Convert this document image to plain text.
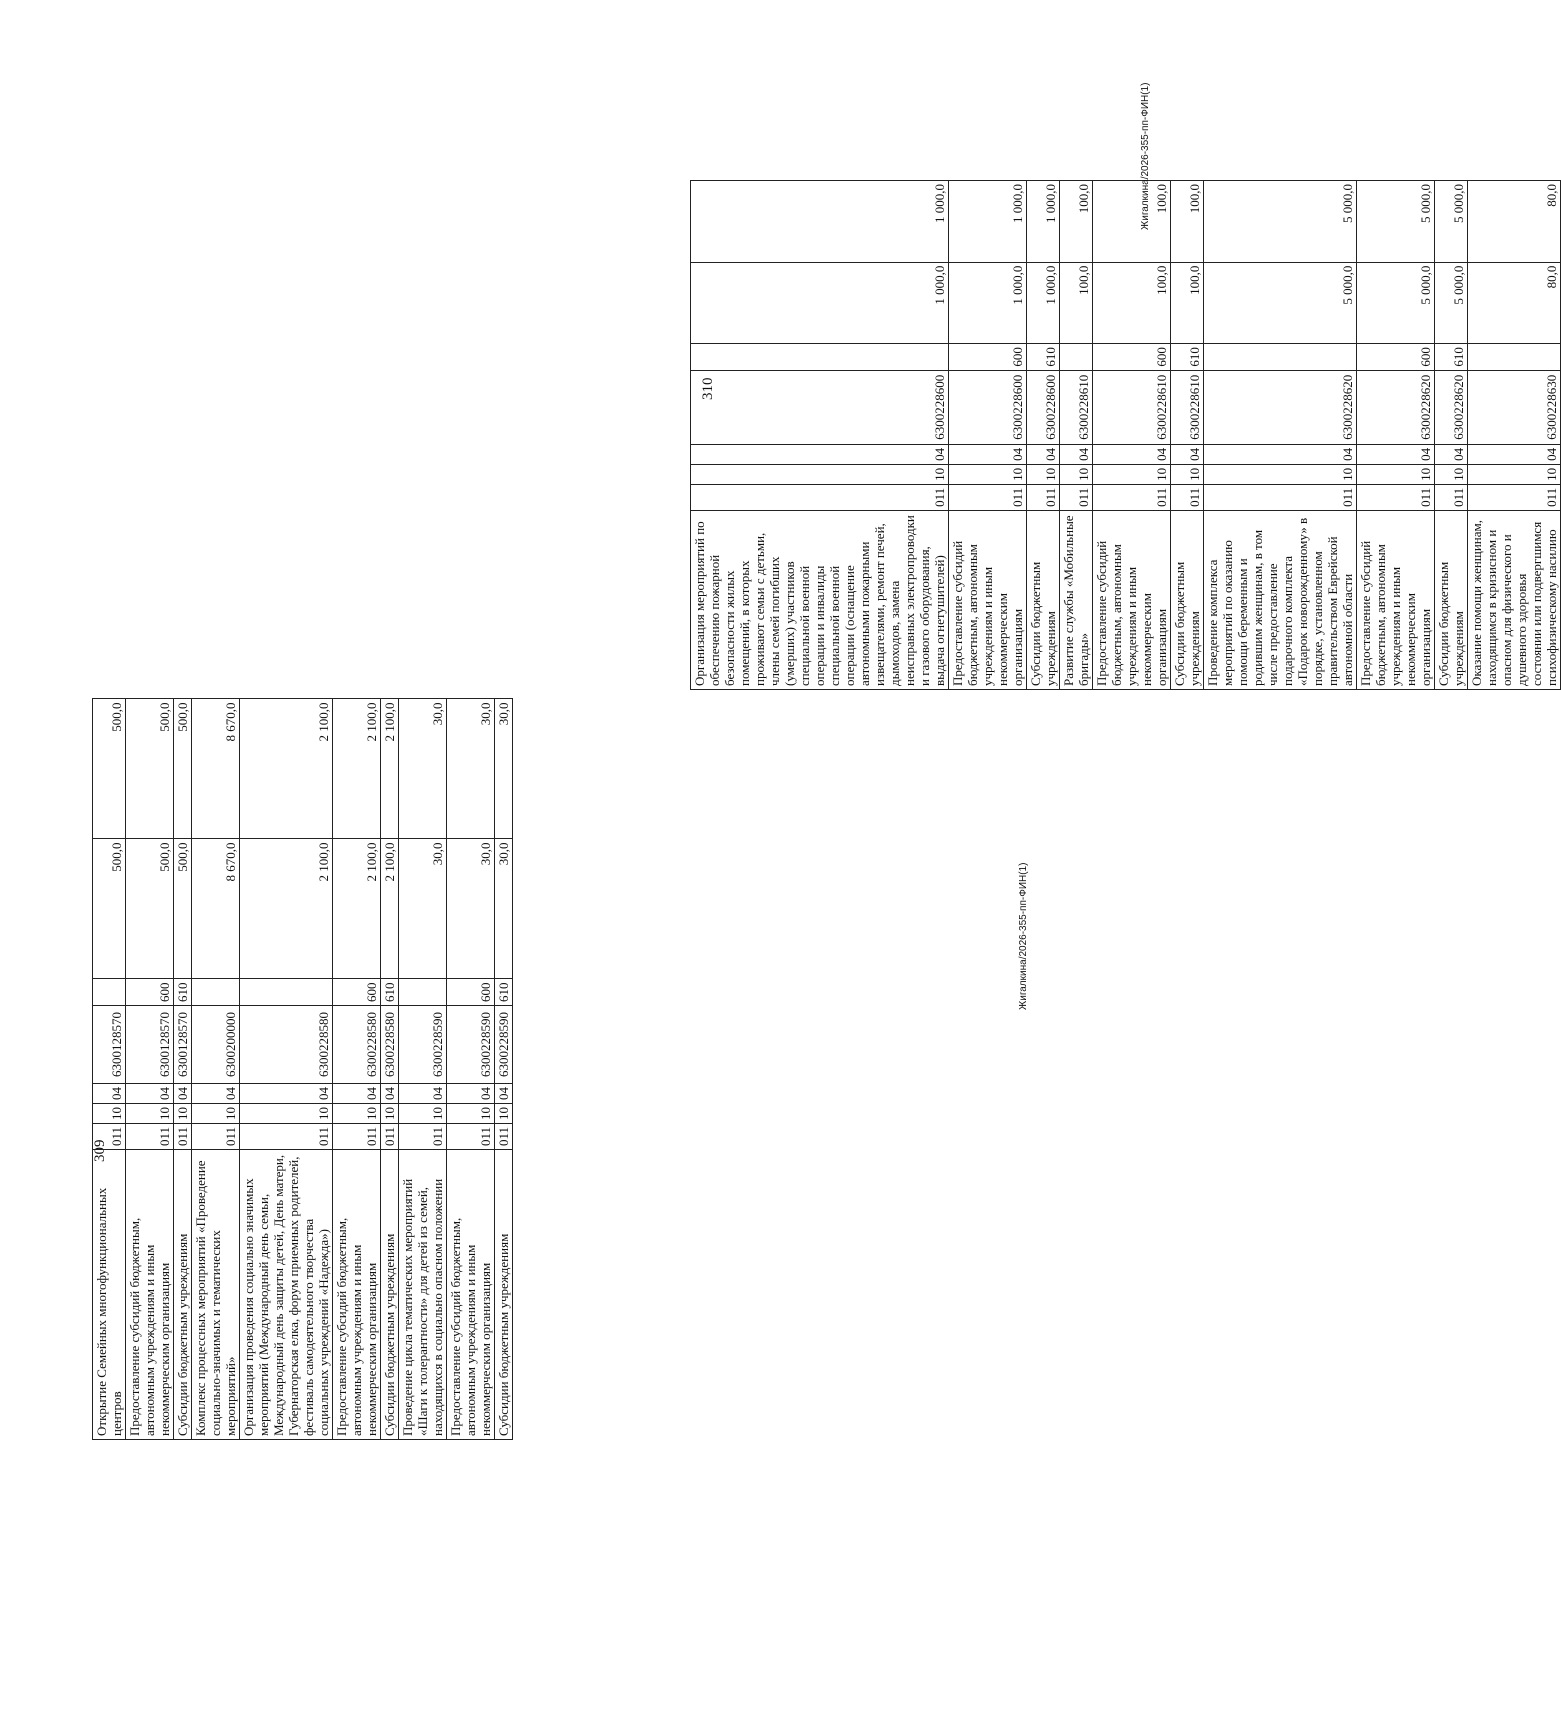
309
Открытие Семейных многофункциональных центров	011	10	04	6300128570		500,0	500,0
Предоставление субсидий бюджетным, автономным учреждениям и иным некоммерческим организациям	011	10	04	6300128570	600	500,0	500,0
Субсидии бюджетным учреждениям	011	10	04	6300128570	610	500,0	500,0
Комплекс процессных мероприятий «Проведение социально-значимых и тематических мероприятий»	011	10	04	6300200000		8 670,0	8 670,0
Организация проведения социально значимых мероприятий (Международный день семьи, Международный день защиты детей, День матери, Губернаторская елка, форум приемных родителей, фестиваль самодеятельного творчества социальных учреждений «Надежда»)	011	10	04	6300228580		2 100,0	2 100,0
Предоставление субсидий бюджетным, автономным учреждениям и иным некоммерческим организациям	011	10	04	6300228580	600	2 100,0	2 100,0
Субсидии бюджетным учреждениям	011	10	04	6300228580	610	2 100,0	2 100,0
Проведение цикла тематических мероприятий «Шаги к толерантности» для детей из семей, находящихся в социально опасном положении	011	10	04	6300228590		30,0	30,0
Предоставление субсидий бюджетным, автономным учреждениям и иным некоммерческим организациям	011	10	04	6300228590	600	30,0	30,0
Субсидии бюджетным учреждениям	011	10	04	6300228590	610	30,0	30,0
Жигалкина/2026-355-пп-ФИН(1)
310
Организация мероприятий по обеспечению пожарной безопасности жилых помещений, в которых проживают семьи с детьми, члены семей погибших (умерших) участников специальной военной операции и инвалиды специальной военной операции (оснащение автономными пожарными извещателями, ремонт печей, дымоходов, замена неисправных электропроводки и газового оборудования, выдача огнетушителей)	011	10	04	6300228600		1 000,0	1 000,0
Предоставление субсидий бюджетным, автономным учреждениям и иным некоммерческим организациям	011	10	04	6300228600	600	1 000,0	1 000,0
Субсидии бюджетным учреждениям	011	10	04	6300228600	610	1 000,0	1 000,0
Развитие службы «Мобильные бригады»	011	10	04	6300228610		100,0	100,0
Предоставление субсидий бюджетным, автономным учреждениям и иным некоммерческим организациям	011	10	04	6300228610	600	100,0	100,0
Субсидии бюджетным учреждениям	011	10	04	6300228610	610	100,0	100,0
Проведение комплекса мероприятий по оказанию помощи беременным и родившим женщинам, в том числе предоставление подарочного комплекта «Подарок новорожденному» в порядке, установленном правительством Еврейской автономной области	011	10	04	6300228620		5 000,0	5 000,0
Предоставление субсидий бюджетным, автономным учреждениям и иным некоммерческим организациям	011	10	04	6300228620	600	5 000,0	5 000,0
Субсидии бюджетным учреждениям	011	10	04	6300228620	610	5 000,0	5 000,0
Оказание помощи женщинам, находящимся в кризисном и опасном для физического и душевного здоровья состоянии или подвергшимся психофизическому насилию	011	10	04	6300228630		80,0	80,0
Жигалкина/2026-355-пп-ФИН(1)
